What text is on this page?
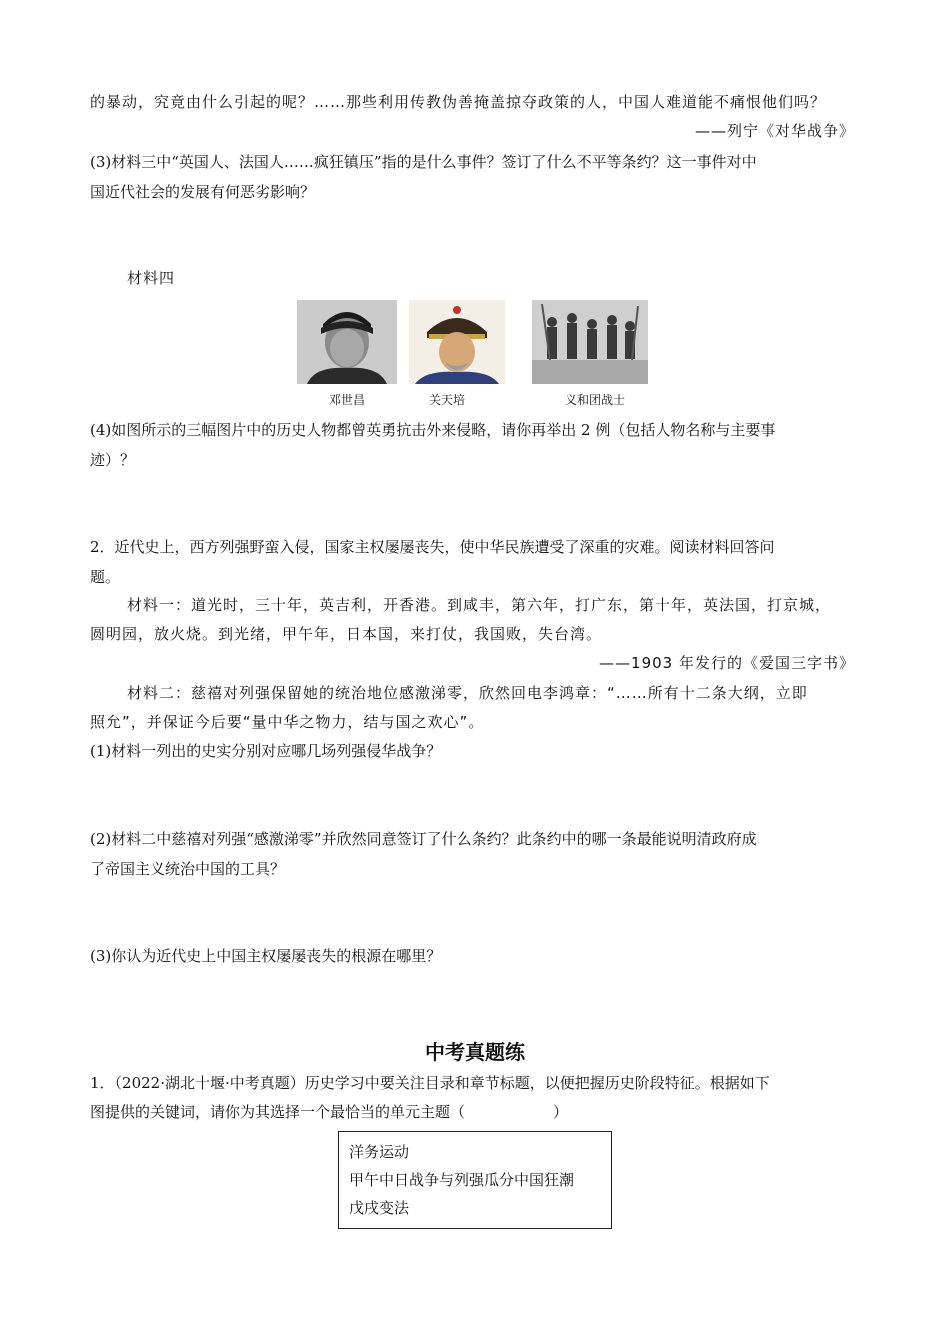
的暴动，究竟由什么引起的呢？……那些利用传教伪善掩盖掠夺政策的人，中国人难道能不痛恨他们吗？
——列宁《对华战争》
(3)材料三中“英国人、法国人……疯狂镇压”指的是什么事件？签订了什么不平等条约？这一事件对中
国近代社会的发展有何恶劣影响？
材料四
邓世昌	关天培	义和团战士
(4)如图所示的三幅图片中的历史人物都曾英勇抗击外来侵略，请你再举出 2 例（包括人物名称与主要事
迹）？
2．近代史上，西方列强野蛮入侵，国家主权屡屡丧失，使中华民族遭受了深重的灾难。阅读材料回答问
题。
材料一：道光时，三十年，英吉利，开香港。到咸丰，第六年，打广东，第十年，英法国，打京城，
圆明园，放火烧。到光绪，甲午年，日本国，来打仗，我国败，失台湾。
——1903 年发行的《爱国三字书》
材料二：慈禧对列强保留她的统治地位感激涕零，欣然回电李鸿章：“……所有十二条大纲，立即
照允”，并保证今后要“量中华之物力，结与国之欢心”。
(1)材料一列出的史实分别对应哪几场列强侵华战争？
(2)材料二中慈禧对列强“感激涕零”并欣然同意签订了什么条约？此条约中的哪一条最能说明清政府成
了帝国主义统治中国的工具？
(3)你认为近代史上中国主权屡屡丧失的根源在哪里？
中考真题练
1．（2022·湖北十堰·中考真题）历史学习中要关注目录和章节标题，以便把握历史阶段特征。根据如下
图提供的关键词，请你为其选择一个最恰当的单元主题（	）
洋务运动
甲午中日战争与列强瓜分中国狂潮
戊戌变法
